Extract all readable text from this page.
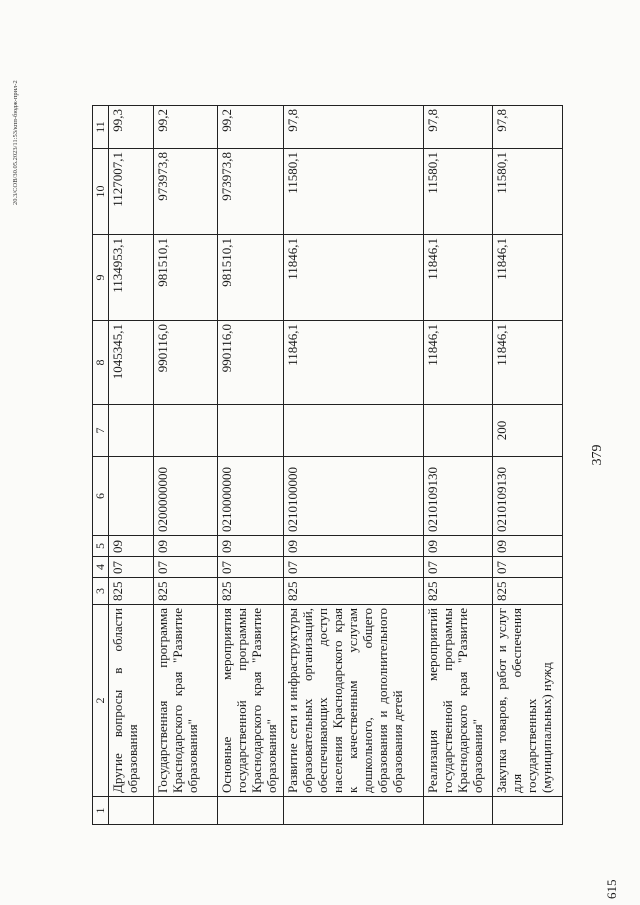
379
615
20.3/СОВ/30.05.2023/11:53/кпп-бюдж-прил-2
1	2	3	4	5	6	7	8	9	10	11
	Другие вопросы в области образования	825	07	09			1045345,1	1134953,1	1127007,1	99,3
	Государственная программа Краснодарского края "Развитие образования"	825	07	09	0200000000		990116,0	981510,1	973973,8	99,2
	Основные мероприятия государственной программы Краснодарского края "Развитие образования"	825	07	09	0210000000		990116,0	981510,1	973973,8	99,2
	Развитие сети и инфраструктуры образовательных организаций, обеспечивающих доступ населения Краснодарского края к качественным услугам дошкольного, общего образования и дополнительного образования детей	825	07	09	0210100000		11846,1	11846,1	11580,1	97,8
	Реализация мероприятий государственной программы Краснодарского края "Развитие образования"	825	07	09	0210109130		11846,1	11846,1	11580,1	97,8
	Закупка товаров, работ и услуг для обеспечения государственных (муниципальных) нужд	825	07	09	0210109130	200	11846,1	11846,1	11580,1	97,8
